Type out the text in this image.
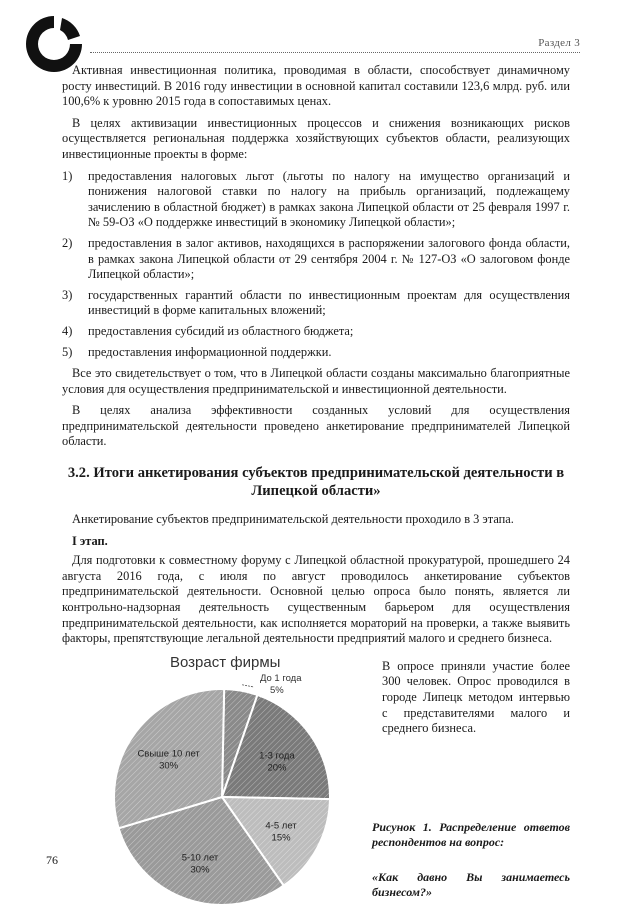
Раздел 3

Активная инвестиционная политика, проводимая в области, способствует динамичному росту инвестиций. В 2016 году инвестиции в основной капитал составили 123,6 млрд. руб. или 100,6% к уровню 2015 года в сопоставимых ценах.

В целях активизации инвестиционных процессов и снижения возникающих рисков осуществляется региональная поддержка хозяйствующих субъектов области, реализующих инвестиционные проекты в форме:

1) предоставления налоговых льгот (льготы по налогу на имущество организаций и понижения налоговой ставки по налогу на прибыль организаций, подлежащему зачислению в областной бюджет) в рамках закона Липецкой области от 25 февраля 1997 г. № 59-ОЗ «О поддержке инвестиций в экономику Липецкой области»;
2) предоставления в залог активов, находящихся в распоряжении залогового фонда области, в рамках закона Липецкой области от 29 сентября 2004 г. № 127-ОЗ «О залоговом фонде Липецкой области»;
3) государственных гарантий области по инвестиционным проектам для осуществления инвестиций в форме капитальных вложений;
4) предоставления субсидий из областного бюджета;
5) предоставления информационной поддержки.

Все это свидетельствует о том, что в Липецкой области созданы максимально благоприятные условия для осуществления предпринимательской и инвестиционной деятельности.

В целях анализа эффективности созданных условий для осуществления предпринимательской деятельности проведено анкетирование предпринимателей Липецкой области.

3.2. Итоги анкетирования субъектов предпринимательской деятельности в Липецкой области»

Анкетирование субъектов предпринимательской деятельности проходило в 3 этапа.

I этап.

Для подготовки к совместному форуму с Липецкой областной прокуратурой, прошедшего 24 августа 2016 года, с июля по август проводилось анкетирование субъектов предпринимательской деятельности. Основной целью опроса было понять, является ли контрольно-надзорная деятельность существенным барьером для осуществления предпринимательской деятельности, как исполняется мораторий на проверки, а также выявить факторы, препятствующие легальной деятельности предприятий малого и среднего бизнеса.

До 1 года
5%
1-3 года
20%
4-5 лет
15%
5-10 лет
30%
Свыше 10 лет
30%
Возраст фирмы	В опросе приняли участие более 300 человек. Опрос проводился в городе Липецк методом интервью с представителями малого и среднего бизнеса.
Рисунок 1. Распределение ответов респондентов на вопрос:
«Как давно Вы занимаетесь бизнесом?»
76
